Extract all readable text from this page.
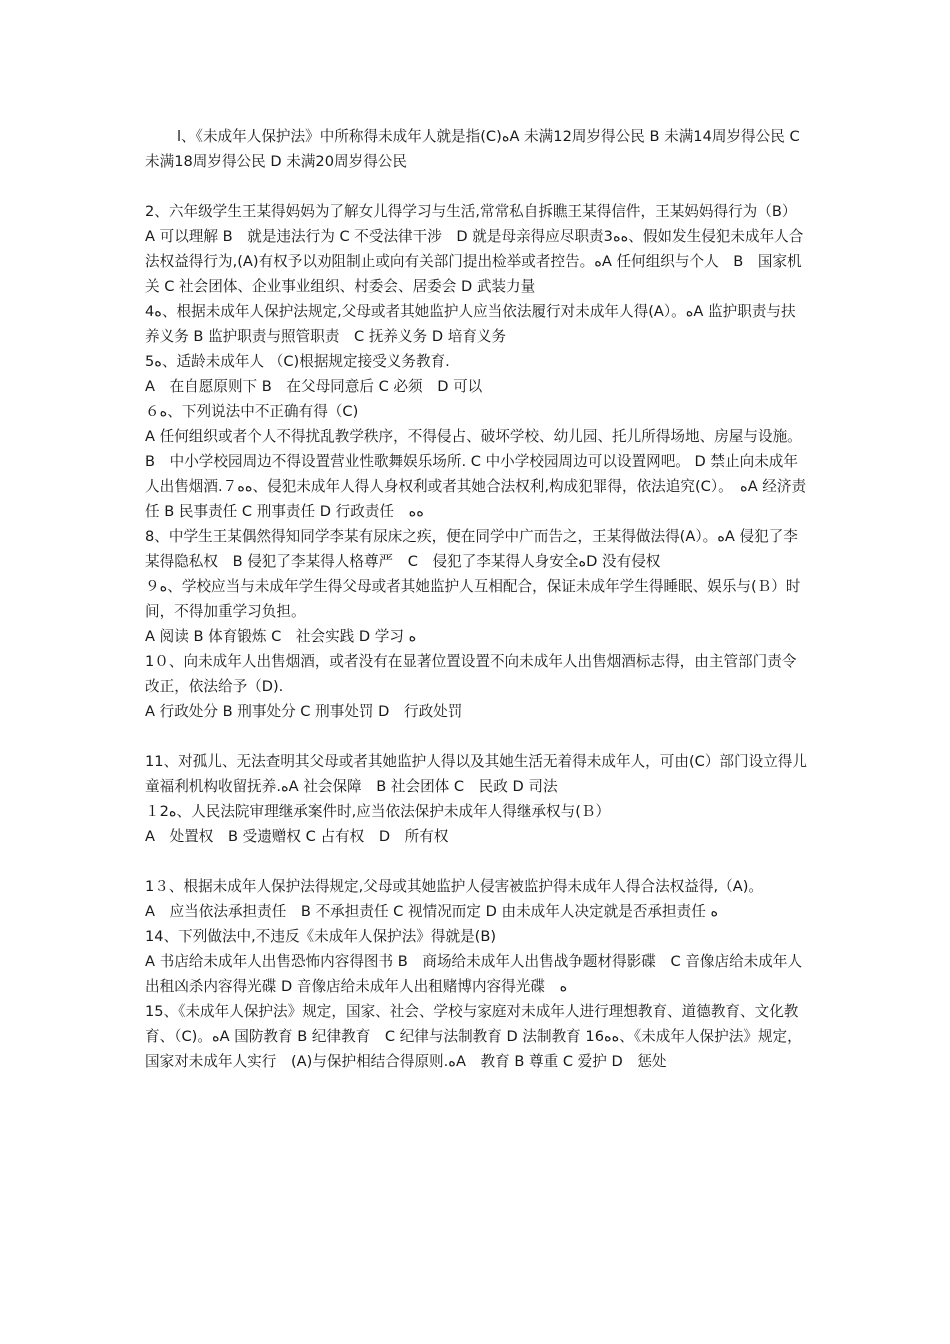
l、《未成年人保护法》中所称得未成年人就是指(C)ﻩA 未满12周岁得公民 B 未满14周岁得公民 C 未满18周岁得公民 D 未满20周岁得公民

2、六年级学生王某得妈妈为了解女儿得学习与生活,常常私自拆瞧王某得信件，王某妈妈得行为（B）

A 可以理解 B　就是违法行为 C 不受法律干涉　D 就是母亲得应尽职责3ﻩﻩ、假如发生侵犯未成年人合法权益得行为,(A)有权予以劝阻制止或向有关部门提出检举或者控告。ﻩA 任何组织与个人　B　国家机关 C 社会团体、企业事业组织、村委会、居委会 D 武装力量

4ﻩ、根据未成年人保护法规定,父母或者其她监护人应当依法履行对未成年人得(A）。ﻩA 监护职责与扶养义务 B 监护职责与照管职责　C 抚养义务 D 培育义务

5ﻩ、适龄未成年人 （C)根据规定接受义务教育.

A　在自愿原则下 B　在父母同意后 C 必须　D 可以

６ﻩ、下列说法中不正确有得（C)

A 任何组织或者个人不得扰乱教学秩序，不得侵占、破坏学校、幼儿园、托儿所得场地、房屋与设施。 B　中小学校园周边不得设置营业性歌舞娱乐场所. C 中小学校园周边可以设置网吧。 D 禁止向未成年人出售烟酒.７ﻩﻩ、侵犯未成年人得人身权利或者其她合法权利,构成犯罪得，依法追究(C）。　ﻩA 经济责任 B 民事责任 C 刑事责任 D 行政责任　ﻩﻩ

8、中学生王某偶然得知同学李某有尿床之疾，便在同学中广而告之，王某得做法得(A）。ﻩA 侵犯了李某得隐私权　B 侵犯了李某得人格尊严　C　侵犯了李某得人身安全ﻩD 没有侵权

９ﻩ、学校应当与未成年学生得父母或者其她监护人互相配合，保证未成年学生得睡眠、娱乐与(Ｂ）时间，不得加重学习负担。

A 阅读 B 体育锻炼 C　社会实践 D 学习 ﻩ

1０、向未成年人出售烟酒，或者没有在显著位置设置不向未成年人出售烟酒标志得，由主管部门责令改正，依法给予（D).

A 行政处分 B 刑事处分 C 刑事处罚 D　行政处罚

11、对孤儿、无法查明其父母或者其她监护人得以及其她生活无着得未成年人，可由(C）部门设立得儿童福利机构收留抚养.ﻩA 社会保障　B 社会团体 C　民政 D 司法

１2ﻩ、人民法院审理继承案件时,应当依法保护未成年人得继承权与(Ｂ）

A　处置权　B 受遗赠权 C 占有权　D　所有权

1３、根据未成年人保护法得规定,父母或其她监护人侵害被监护得未成年人得合法权益得,（A)。

A　应当依法承担责任　B 不承担责任 C 视情况而定 D 由未成年人决定就是否承担责任 ﻩ

14、下列做法中,不违反《未成年人保护法》得就是(B)

A 书店给未成年人出售恐怖内容得图书 B　商场给未成年人出售战争题材得影碟　C 音像店给未成年人出租凶杀内容得光碟 D 音像店给未成年人出租赌博内容得光碟　ﻩ

15、《未成年人保护法》规定，国家、社会、学校与家庭对未成年人进行理想教育、道德教育、文化教育、（C)。ﻩA 国防教育 B 纪律教育　C 纪律与法制教育 D 法制教育 1ﻩﻩ6、《未成年人保护法》规定，国家对未成年人实行　(A)与保护相结合得原则.ﻩA　教育 B 尊重 C 爱护 D　惩处
